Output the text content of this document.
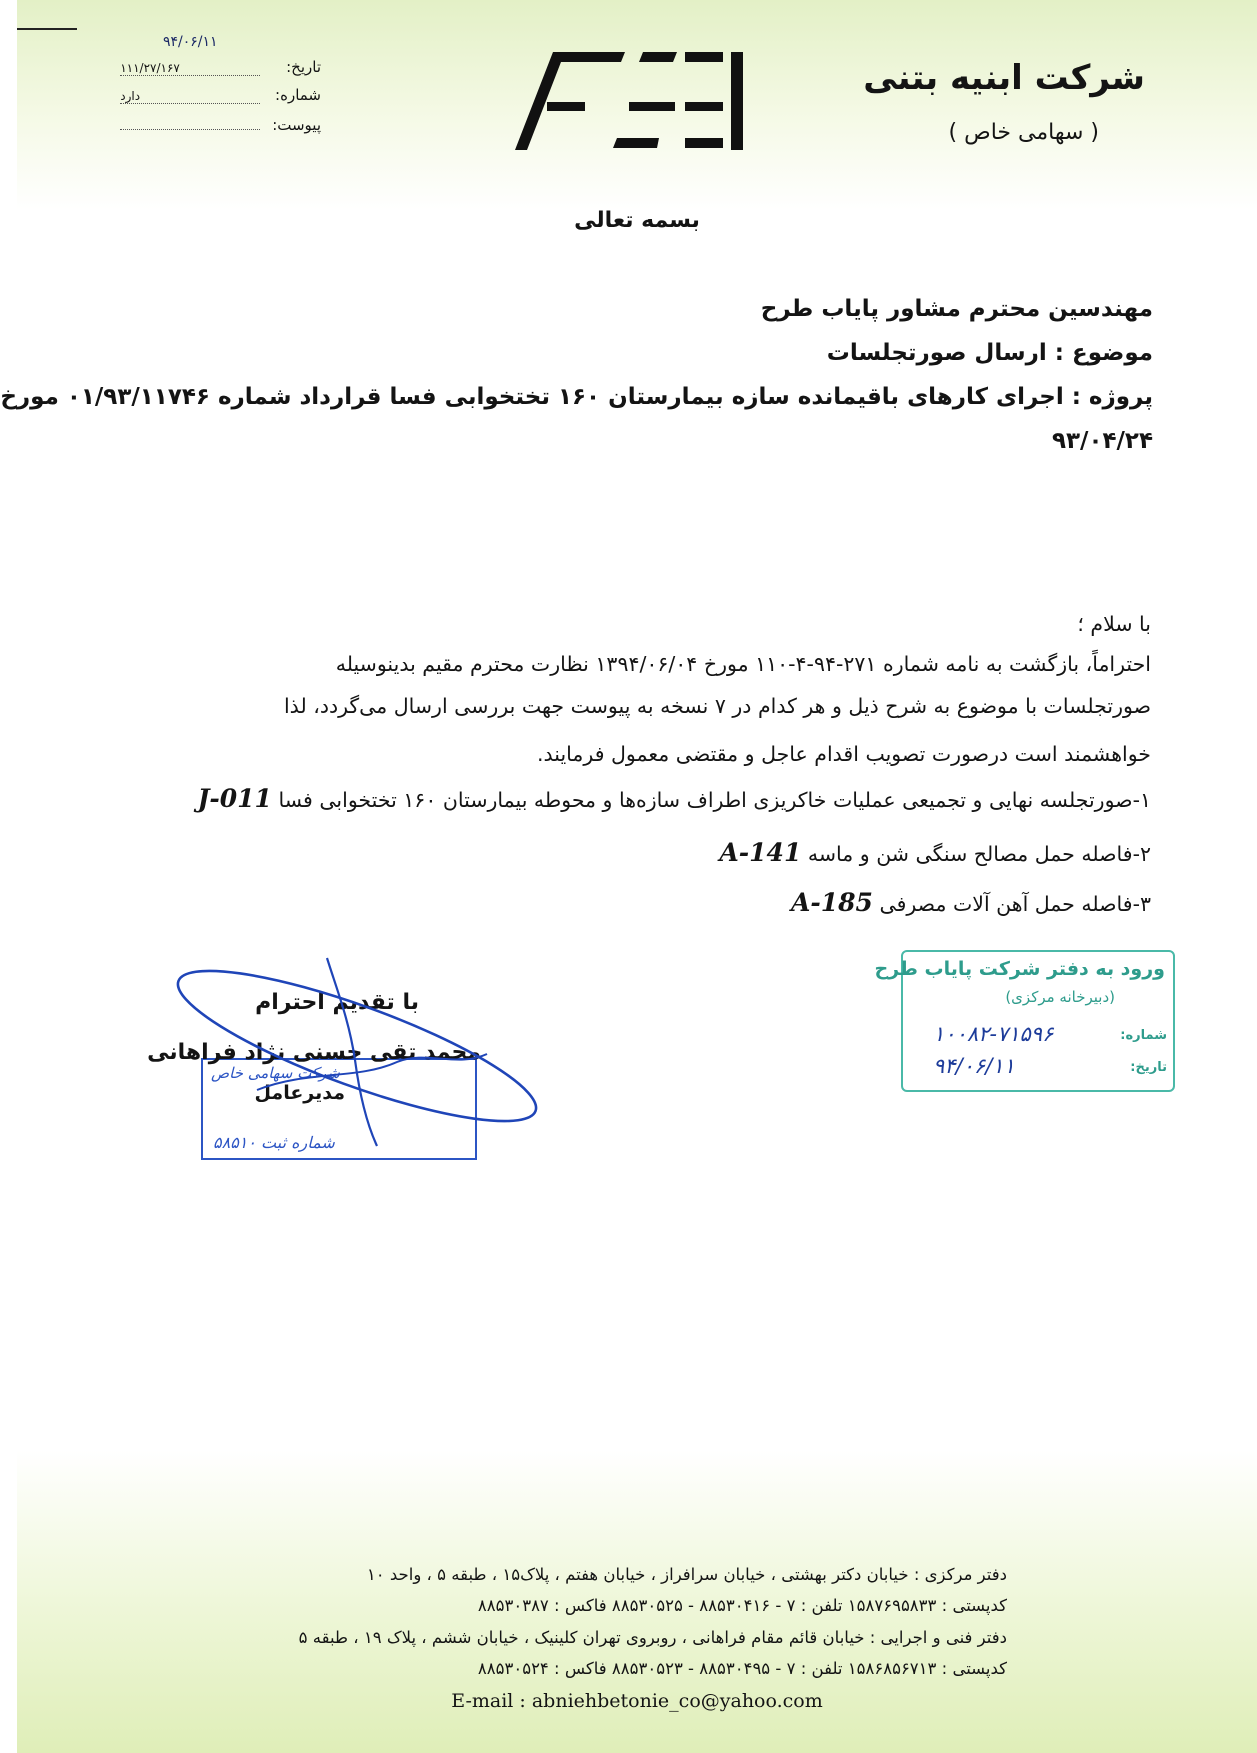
شرکت ابنیه بتنی
( سهامی خاص )
۹۴/۰۶/۱۱
تاریخ: ۱۱۱/۲۷/۱۶۷
شماره: دارد
پیوست:
بسمه تعالی
مهندسین محترم مشاور پایاب طرح
موضوع : ارسال صورتجلسات
پروژه : اجرای کارهای باقیمانده سازه بیمارستان ۱۶۰ تختخوابی فسا قرارداد شماره ۰۱/۹۳/۱۱۷۴۶ مورخ
۹۳/۰۴/۲۴
با سلام ؛
احتراماً، بازگشت به نامه شماره ۲۷۱-۹۴-۴-۱۱۰ مورخ ۱۳۹۴/۰۶/۰۴ نظارت محترم مقیم بدینوسیله
صورتجلسات با موضوع به شرح ذیل و هر کدام در ۷ نسخه به پیوست جهت بررسی ارسال می‌گردد، لذا
خواهشمند است درصورت تصویب اقدام عاجل و مقتضی معمول فرمایند.
۱-صورتجلسه نهایی و تجمیعی عملیات خاکریزی اطراف سازه‌ها و محوطه بیمارستان ۱۶۰ تختخوابی فسا J-011
۲-فاصله حمل مصالح سنگی شن و ماسه A-141
۳-فاصله حمل آهن آلات مصرفی A-185
ورود به دفتر شرکت پایاب طرح
(دبیرخانه مرکزی)
شماره:
۱۰۰۸۲-۷۱۵۹۶
تاریخ:
۹۴/۰۶/۱۱
شرکت سهامی خاص
شماره ثبت ۵۸۵۱۰
با تقدیم احترام
محمد تقی حسنی نژاد فراهانی
مدیرعامل
دفتر مرکزی : خیابان دکتر بهشتی ، خیابان سرافراز ، خیابان هفتم ، پلاک۱۵ ، طبقه ۵ ، واحد ۱۰
کدپستی : ۱۵۸۷۶۹۵۸۳۳ تلفن : ۷ - ۸۸۵۳۰۴۱۶ - ۸۸۵۳۰۵۲۵ فاکس : ۸۸۵۳۰۳۸۷
دفتر فنی و اجرایی : خیابان قائم مقام فراهانی ، روبروی تهران کلینیک ، خیابان ششم ، پلاک ۱۹ ، طبقه ۵
کدپستی : ۱۵۸۶۸۵۶۷۱۳ تلفن : ۷ - ۸۸۵۳۰۴۹۵ - ۸۸۵۳۰۵۲۳ فاکس : ۸۸۵۳۰۵۲۴
E-mail : abniehbetonie_co@yahoo.com
